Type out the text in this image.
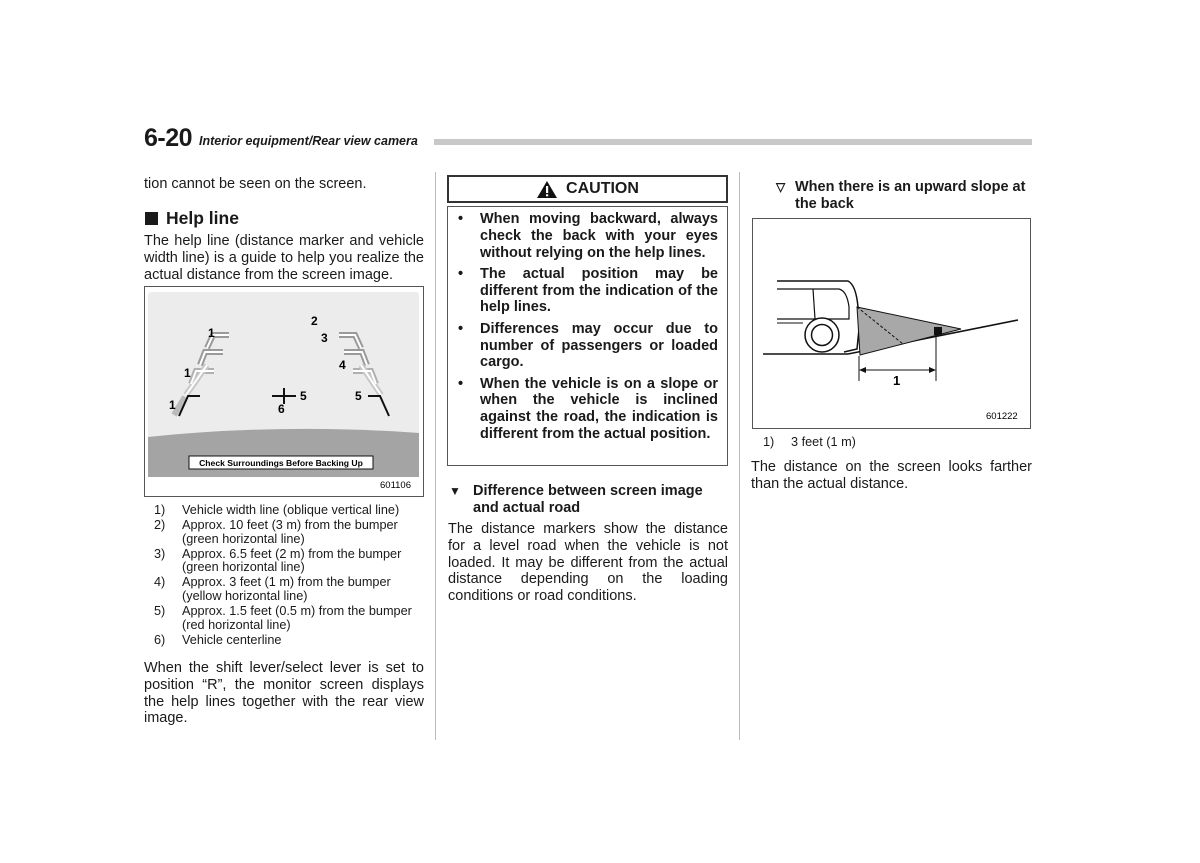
6-20 Interior equipment/Rear view camera
tion cannot be seen on the screen.
Help line
The help line (distance marker and vehicle width line) is a guide to help you realize the actual distance from the screen image.
1
1
1
2
3
4
5	5
6
Check Surroundings Before Backing Up
601106
1)	Vehicle width line (oblique vertical line)
2)	Approx. 10 feet (3 m) from the bumper (green horizontal line)
3)	Approx. 6.5 feet (2 m) from the bumper (green horizontal line)
4)	Approx. 3 feet (1 m) from the bumper (yellow horizontal line)
5)	Approx. 1.5 feet (0.5 m) from the bumper (red horizontal line)
6)	Vehicle centerline
When the shift lever/select lever is set to position “R”, the monitor screen displays the help lines together with the rear view image.
CAUTION
•	When moving backward, always check the back with your eyes without relying on the help lines.
•	The actual position may be different from the indication of the help lines.
•	Differences may occur due to number of passengers or loaded cargo.
•	When the vehicle is on a slope or when the vehicle is inclined against the road, the indication is different from the actual position.
▼ Difference between screen image and actual road
The distance markers show the distance for a level road when the vehicle is not loaded. It may be different from the actual distance depending on the loading conditions or road conditions.
▽ When there is an upward slope at the back
1
601222
1)	3 feet (1 m)
The distance on the screen looks farther than the actual distance.
